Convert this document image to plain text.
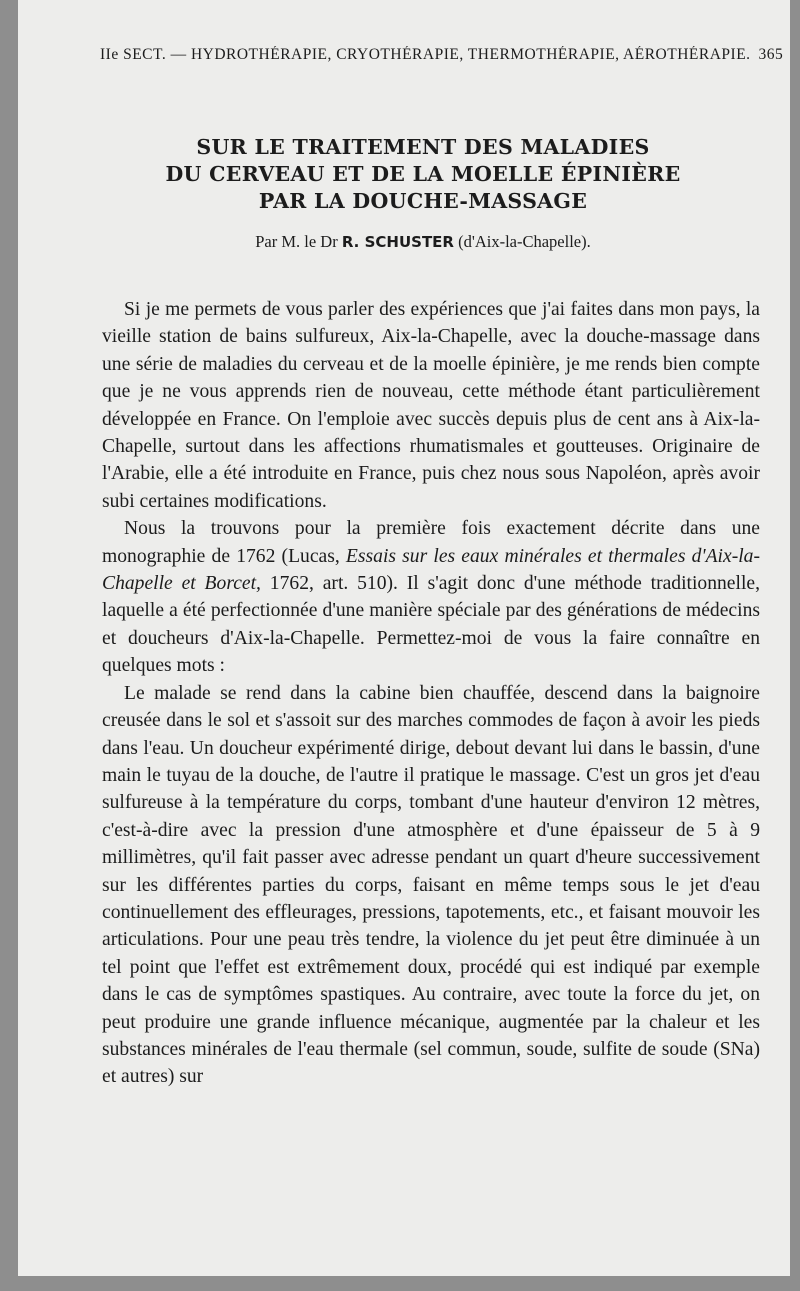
IIe SECT. — HYDROTHÉRAPIE, CRYOTHÉRAPIE, THERMOTHÉRAPIE, AÉROTHÉRAPIE. 365
SUR LE TRAITEMENT DES MALADIES
DU CERVEAU ET DE LA MOELLE ÉPINIÈRE
PAR LA DOUCHE-MASSAGE
Par M. le Dr R. SCHUSTER (d'Aix-la-Chapelle).

Si je me permets de vous parler des expériences que j'ai faites dans mon pays, la vieille station de bains sulfureux, Aix-la-Chapelle, avec la douche-massage dans une série de maladies du cerveau et de la moelle épinière, je me rends bien compte que je ne vous apprends rien de nouveau, cette méthode étant particulièrement développée en France. On l'emploie avec succès depuis plus de cent ans à Aix-la-Chapelle, surtout dans les affections rhumatismales et goutteuses. Originaire de l'Arabie, elle a été introduite en France, puis chez nous sous Napoléon, après avoir subi certaines modifications.

Nous la trouvons pour la première fois exactement décrite dans une monographie de 1762 (Lucas, Essais sur les eaux minérales et thermales d'Aix-la-Chapelle et Borcet, 1762, art. 510). Il s'agit donc d'une méthode traditionnelle, laquelle a été perfectionnée d'une manière spéciale par des générations de médecins et doucheurs d'Aix-la-Chapelle. Permettez-moi de vous la faire connaître en quelques mots :

Le malade se rend dans la cabine bien chauffée, descend dans la baignoire creusée dans le sol et s'assoit sur des marches commodes de façon à avoir les pieds dans l'eau. Un doucheur expérimenté dirige, debout devant lui dans le bassin, d'une main le tuyau de la douche, de l'autre il pratique le massage. C'est un gros jet d'eau sulfureuse à la température du corps, tombant d'une hauteur d'environ 12 mètres, c'est-à-dire avec la pression d'une atmosphère et d'une épaisseur de 5 à 9 millimètres, qu'il fait passer avec adresse pendant un quart d'heure successivement sur les différentes parties du corps, faisant en même temps sous le jet d'eau continuellement des effleurages, pressions, tapotements, etc., et faisant mouvoir les articulations. Pour une peau très tendre, la violence du jet peut être diminuée à un tel point que l'effet est extrêmement doux, procédé qui est indiqué par exemple dans le cas de symptômes spastiques. Au contraire, avec toute la force du jet, on peut produire une grande influence mécanique, augmentée par la chaleur et les substances minérales de l'eau thermale (sel commun, soude, sulfite de soude (SNa) et autres) sur
